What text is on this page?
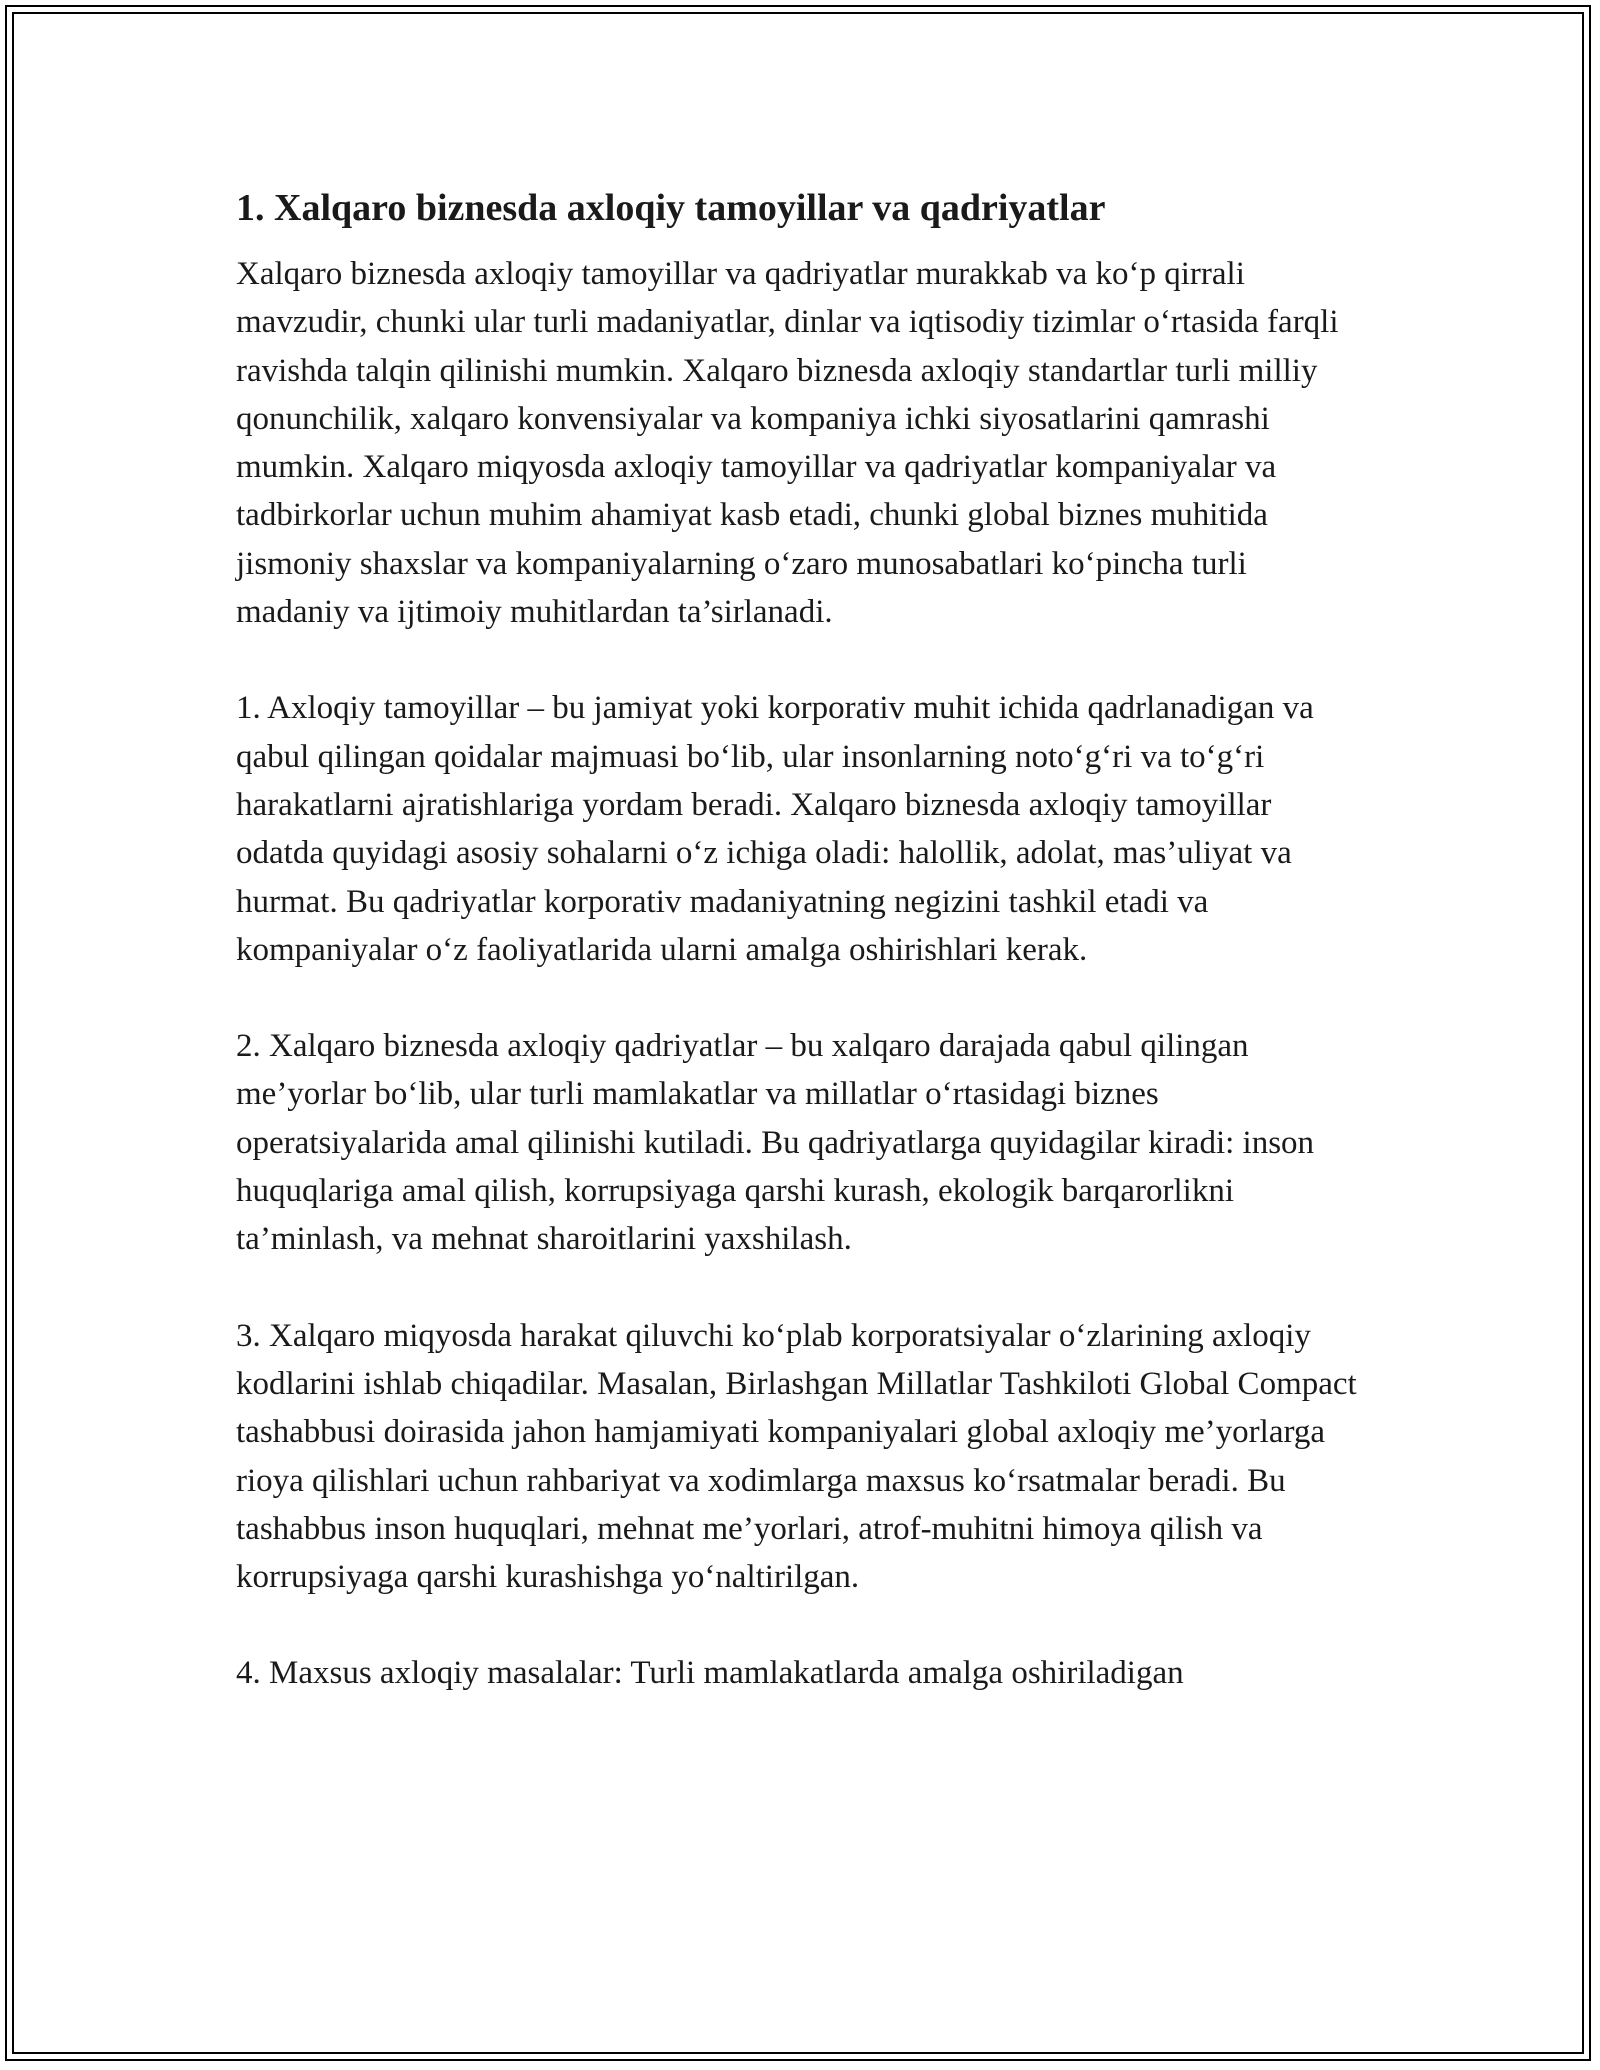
1. Xalqaro biznesda axloqiy tamoyillar va qadriyatlar

Xalqaro biznesda axloqiy tamoyillar va qadriyatlar murakkab va ko‘p qirrali mavzudir, chunki ular turli madaniyatlar, dinlar va iqtisodiy tizimlar o‘rtasida farqli ravishda talqin qilinishi mumkin. Xalqaro biznesda axloqiy standartlar turli milliy qonunchilik, xalqaro konvensiyalar va kompaniya ichki siyosatlarini qamrashi mumkin. Xalqaro miqyosda axloqiy tamoyillar va qadriyatlar kompaniyalar va tadbirkorlar uchun muhim ahamiyat kasb etadi, chunki global biznes muhitida jismoniy shaxslar va kompaniyalarning o‘zaro munosabatlari ko‘pincha turli madaniy va ijtimoiy muhitlardan ta’sirlanadi.

1. Axloqiy tamoyillar – bu jamiyat yoki korporativ muhit ichida qadrlanadigan va qabul qilingan qoidalar majmuasi bo‘lib, ular insonlarning noto‘g‘ri va to‘g‘ri harakatlarni ajratishlariga yordam beradi. Xalqaro biznesda axloqiy tamoyillar odatda quyidagi asosiy sohalarni o‘z ichiga oladi: halollik, adolat, mas’uliyat va hurmat. Bu qadriyatlar korporativ madaniyatning negizini tashkil etadi va kompaniyalar o‘z faoliyatlarida ularni amalga oshirishlari kerak.

2. Xalqaro biznesda axloqiy qadriyatlar – bu xalqaro darajada qabul qilingan me’yorlar bo‘lib, ular turli mamlakatlar va millatlar o‘rtasidagi biznes operatsiyalarida amal qilinishi kutiladi. Bu qadriyatlarga quyidagilar kiradi: inson huquqlariga amal qilish, korrupsiyaga qarshi kurash, ekologik barqarorlikni ta’minlash, va mehnat sharoitlarini yaxshilash.

3. Xalqaro miqyosda harakat qiluvchi ko‘plab korporatsiyalar o‘zlarining axloqiy kodlarini ishlab chiqadilar. Masalan, Birlashgan Millatlar Tashkiloti Global Compact tashabbusi doirasida jahon hamjamiyati kompaniyalari global axloqiy me’yorlarga rioya qilishlari uchun rahbariyat va xodimlarga maxsus ko‘rsatmalar beradi. Bu tashabbus inson huquqlari, mehnat me’yorlari, atrof-muhitni himoya qilish va korrupsiyaga qarshi kurashishga yo‘naltirilgan.

4. Maxsus axloqiy masalalar: Turli mamlakatlarda amalga oshiriladigan
